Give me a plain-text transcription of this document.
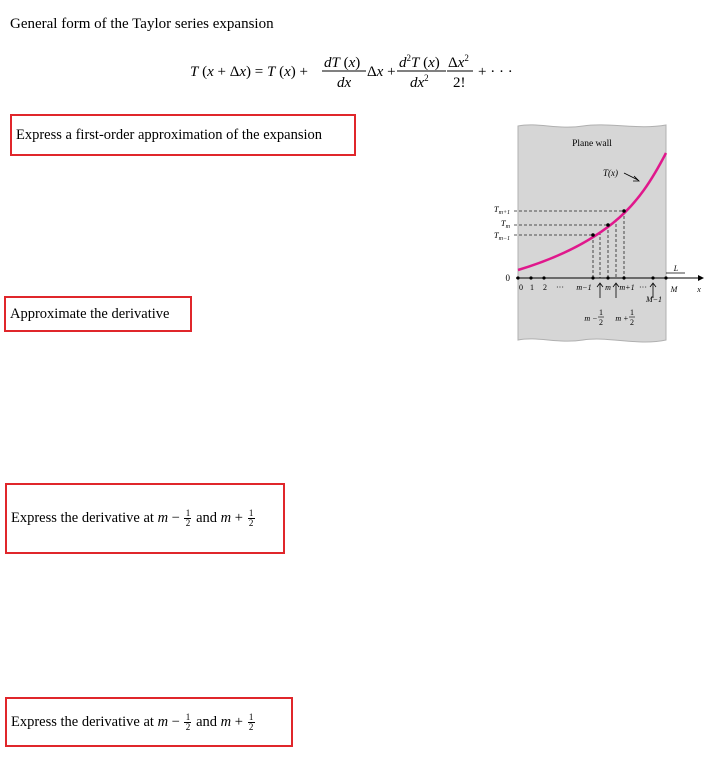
General form of the Taylor series expansion
T (x + Δx) = T (x) +
dT (x)
dx
Δx +
$d^2T$ (x)
$dx^2$
$\Delta x^2$
2!
+ · · ·
Express a first-order approximation of the expansion
Approximate the derivative
Express the derivative at
m − 1
2
and
m + 1
2
Express the derivative at
m − 1
2
and
m + 1
2
Plane wall
T(x)
$T_{m+1}$
$T_m$
$T_{m-1}$
0
0 1 2 ··· m−1 m m+1 ···	M x
L
M−1
m −
1
2 m +
1
2
